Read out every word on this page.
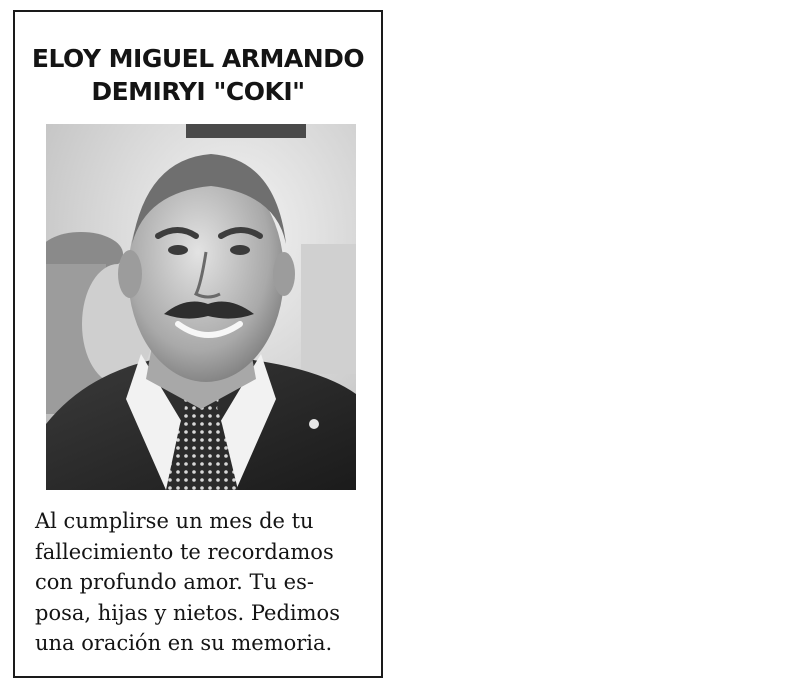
ELOY MIGUEL ARMANDO
DEMIRYI "COKI"
Al cumplirse un mes de tu
fallecimiento te recordamos
con profundo amor. Tu es-
posa, hijas y nietos. Pedimos
una oración en su memoria.
